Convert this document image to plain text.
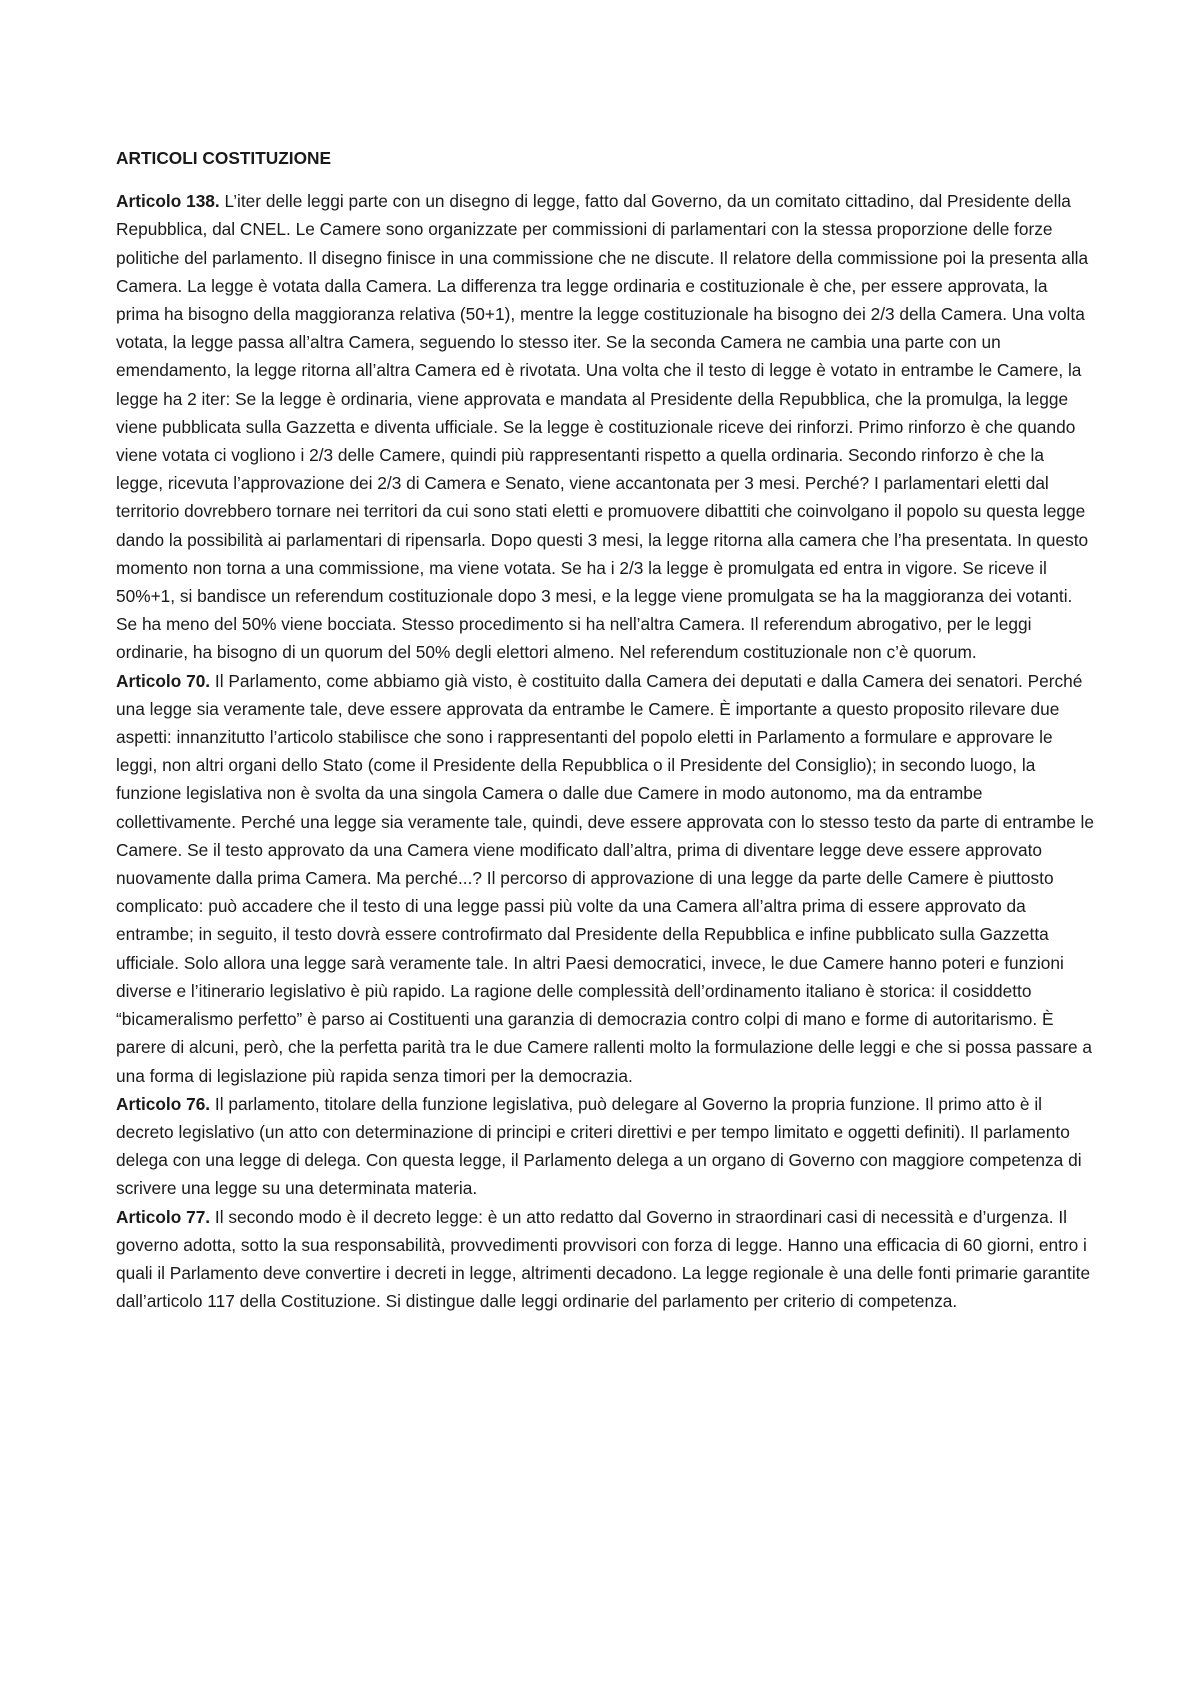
ARTICOLI COSTITUZIONE

Articolo 138. L’iter delle leggi parte con un disegno di legge, fatto dal Governo, da un comitato cittadino, dal Presidente della Repubblica, dal CNEL. Le Camere sono organizzate per commissioni di parlamentari con la stessa proporzione delle forze politiche del parlamento. Il disegno finisce in una commissione che ne discute. Il relatore della commissione poi la presenta alla Camera. La legge è votata dalla Camera. La differenza tra legge ordinaria e costituzionale è che, per essere approvata, la prima ha bisogno della maggioranza relativa (50+1), mentre la legge costituzionale ha bisogno dei 2/3 della Camera. Una volta votata, la legge passa all’altra Camera, seguendo lo stesso iter. Se la seconda Camera ne cambia una parte con un emendamento, la legge ritorna all’altra Camera ed è rivotata. Una volta che il testo di legge è votato in entrambe le Camere, la legge ha 2 iter: Se la legge è ordinaria, viene approvata e mandata al Presidente della Repubblica, che la promulga, la legge viene pubblicata sulla Gazzetta e diventa ufficiale. Se la legge è costituzionale riceve dei rinforzi. Primo rinforzo è che quando viene votata ci vogliono i 2/3 delle Camere, quindi più rappresentanti rispetto a quella ordinaria. Secondo rinforzo è che la legge, ricevuta l’approvazione dei 2/3 di Camera e Senato, viene accantonata per 3 mesi. Perché? I parlamentari eletti dal territorio dovrebbero tornare nei territori da cui sono stati eletti e promuovere dibattiti che coinvolgano il popolo su questa legge dando la possibilità ai parlamentari di ripensarla. Dopo questi 3 mesi, la legge ritorna alla camera che l’ha presentata. In questo momento non torna a una commissione, ma viene votata. Se ha i 2/3 la legge è promulgata ed entra in vigore. Se riceve il 50%+1, si bandisce un referendum costituzionale dopo 3 mesi, e la legge viene promulgata se ha la maggioranza dei votanti. Se ha meno del 50% viene bocciata. Stesso procedimento si ha nell’altra Camera. Il referendum abrogativo, per le leggi ordinarie, ha bisogno di un quorum del 50% degli elettori almeno. Nel referendum costituzionale non c’è quorum.

Articolo 70. Il Parlamento, come abbiamo già visto, è costituito dalla Camera dei deputati e dalla Camera dei senatori. Perché una legge sia veramente tale, deve essere approvata da entrambe le Camere. È importante a questo proposito rilevare due aspetti: innanzitutto l’articolo stabilisce che sono i rappresentanti del popolo eletti in Parlamento a formulare e approvare le leggi, non altri organi dello Stato (come il Presidente della Repubblica o il Presidente del Consiglio); in secondo luogo, la funzione legislativa non è svolta da una singola Camera o dalle due Camere in modo autonomo, ma da entrambe collettivamente. Perché una legge sia veramente tale, quindi, deve essere approvata con lo stesso testo da parte di entrambe le Camere. Se il testo approvato da una Camera viene modificato dall’altra, prima di diventare legge deve essere approvato nuovamente dalla prima Camera. Ma perché...? Il percorso di approvazione di una legge da parte delle Camere è piuttosto complicato: può accadere che il testo di una legge passi più volte da una Camera all’altra prima di essere approvato da entrambe; in seguito, il testo dovrà essere controfirmato dal Presidente della Repubblica e infine pubblicato sulla Gazzetta ufficiale. Solo allora una legge sarà veramente tale. In altri Paesi democratici, invece, le due Camere hanno poteri e funzioni diverse e l’itinerario legislativo è più rapido. La ragione delle complessità dell’ordinamento italiano è storica: il cosiddetto “bicameralismo perfetto” è parso ai Costituenti una garanzia di democrazia contro colpi di mano e forme di autoritarismo. È parere di alcuni, però, che la perfetta parità tra le due Camere rallenti molto la formulazione delle leggi e che si possa passare a una forma di legislazione più rapida senza timori per la democrazia.

Articolo 76. Il parlamento, titolare della funzione legislativa, può delegare al Governo la propria funzione. Il primo atto è il decreto legislativo (un atto con determinazione di principi e criteri direttivi e per tempo limitato e oggetti definiti). Il parlamento delega con una legge di delega. Con questa legge, il Parlamento delega a un organo di Governo con maggiore competenza di scrivere una legge su una determinata materia.

Articolo 77. Il secondo modo è il decreto legge: è un atto redatto dal Governo in straordinari casi di necessità e d’urgenza. Il governo adotta, sotto la sua responsabilità, provvedimenti provvisori con forza di legge. Hanno una efficacia di 60 giorni, entro i quali il Parlamento deve convertire i decreti in legge, altrimenti decadono. La legge regionale è una delle fonti primarie garantite dall’articolo 117 della Costituzione. Si distingue dalle leggi ordinarie del parlamento per criterio di competenza.
